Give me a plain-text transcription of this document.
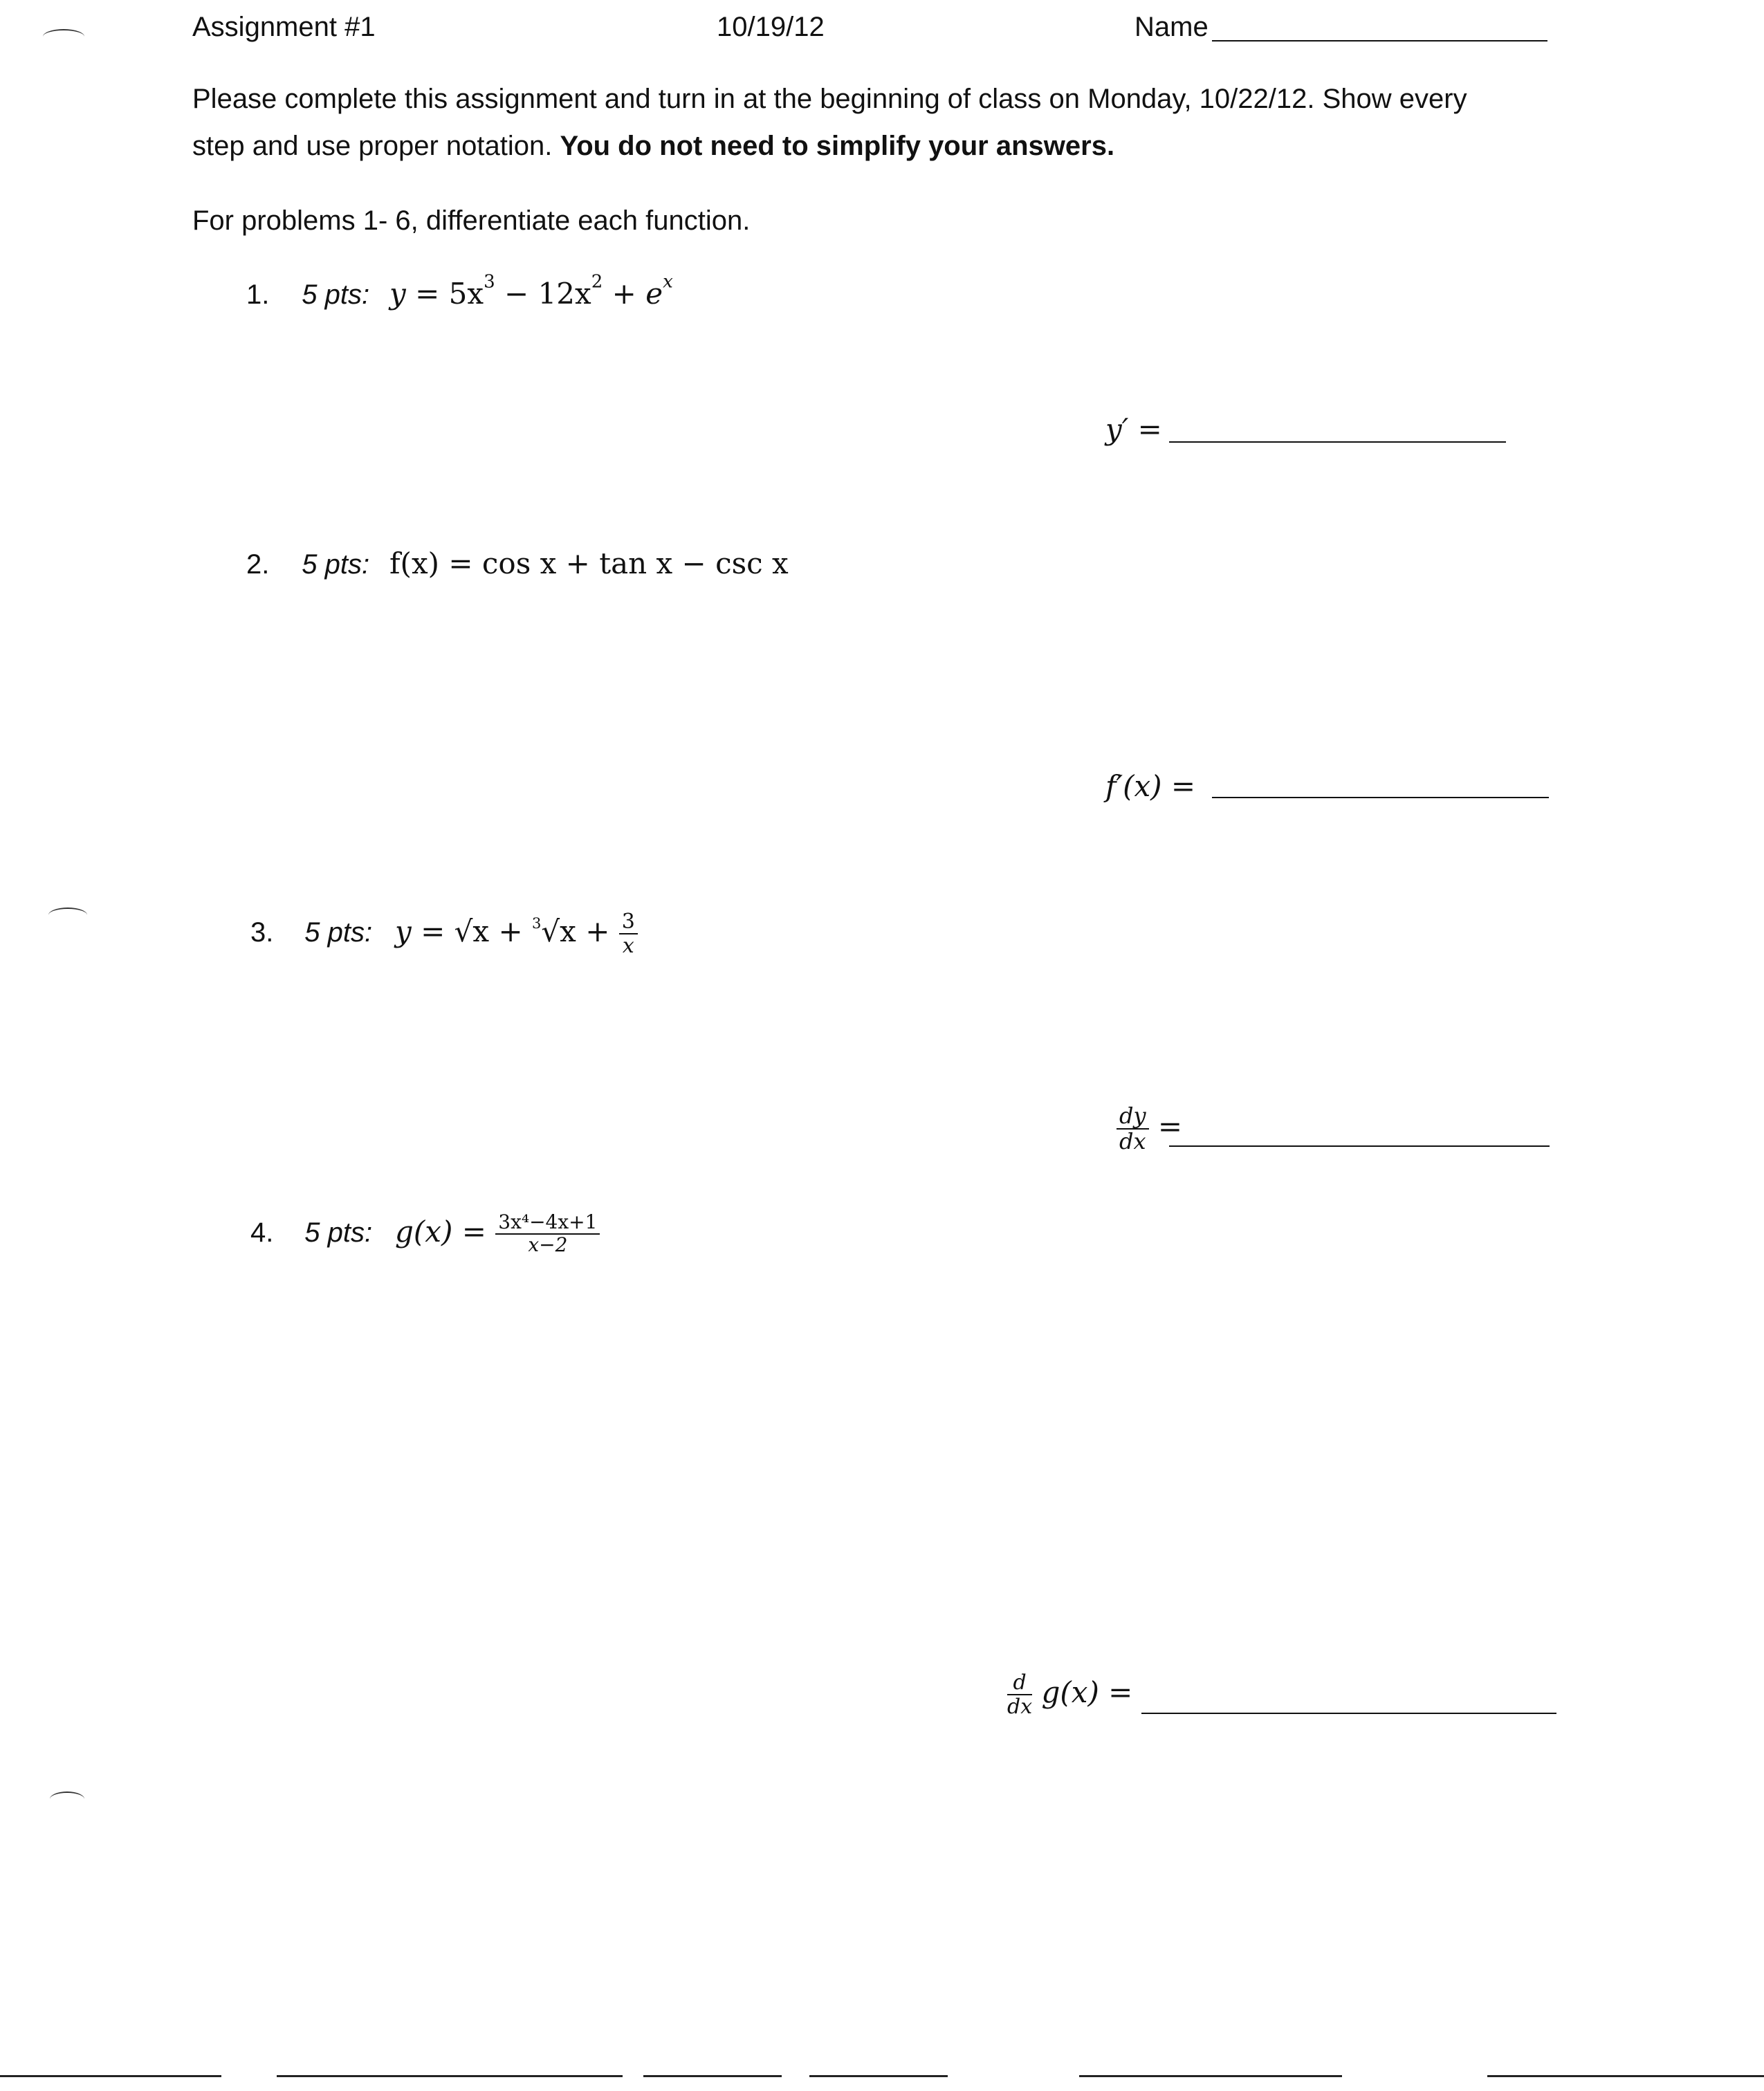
Assignment #1	10/19/12	Name
Please complete this assignment and turn in at the beginning of class on Monday, 10/22/12. Show every
step and use proper notation. You do not need to simplify your answers.
For problems 1- 6, differentiate each function.
1. 5 pts: $y = 5x^3 - 12x^2 + e^x$
y′ =
2. 5 pts: f(x) = cos x + tan x − csc x
f′(x) =
3. 5 pts: $y = √x + ^3√x + \frac{3}{x}$
$\frac{dy}{dx}$ =
4. 5 pts: $g(x) = \frac{\text{3x⁴−4x+1}}{x-2}$
$\frac{d}{dx} g(x)$ =
